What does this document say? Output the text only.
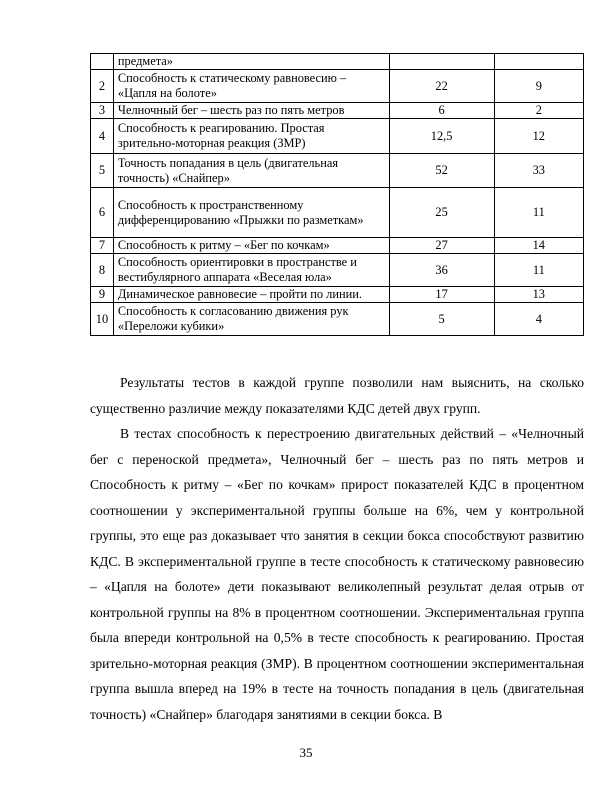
	предмета»		
2	Способность к статическому равновесию – «Цапля на болоте»	22	9
3	Челночный бег – шесть раз по пять метров	6	2
4	Способность к реагированию. Простая зрительно-моторная реакция (ЗМР)	12,5	12
5	Точность попадания в цель (двигательная точность) «Снайпер»	52	33
6	Способность к пространственному дифференцированию «Прыжки по разметкам»	25	11
7	Способность к ритму – «Бег по кочкам»	27	14
8	Способность ориентировки в пространстве и вестибулярного аппарата «Веселая юла»	36	11
9	Динамическое равновесие – пройти по линии.	17	13
10	Способность к согласованию движения рук «Переложи кубики»	5	4

Результаты тестов в каждой группе позволили нам выяснить, на сколько существенно различие между показателями КДС детей двух групп.

В тестах способность к перестроению двигательных действий – «Челночный бег с переноской предмета», Челночный бег – шесть раз по пять метров и Способность к ритму – «Бег по кочкам» прирост показателей КДС в процентном соотношении у экспериментальной группы больше на 6%, чем у контрольной группы, это еще раз доказывает что занятия в секции бокса способствуют развитию КДС. В экспериментальной группе в тесте способность к статическому равновесию – «Цапля на болоте» дети показывают великолепный результат делая отрыв от контрольной группы на 8% в процентном соотношении. Экспериментальная группа была впереди контрольной на 0,5% в тесте способность к реагированию. Простая зрительно-моторная реакция (ЗМР). В процентном соотношении экспериментальная группа вышла вперед на 19% в тесте на точность попадания в цель (двигательная точность) «Снайпер» благодаря занятиями в секции бокса. В

35
